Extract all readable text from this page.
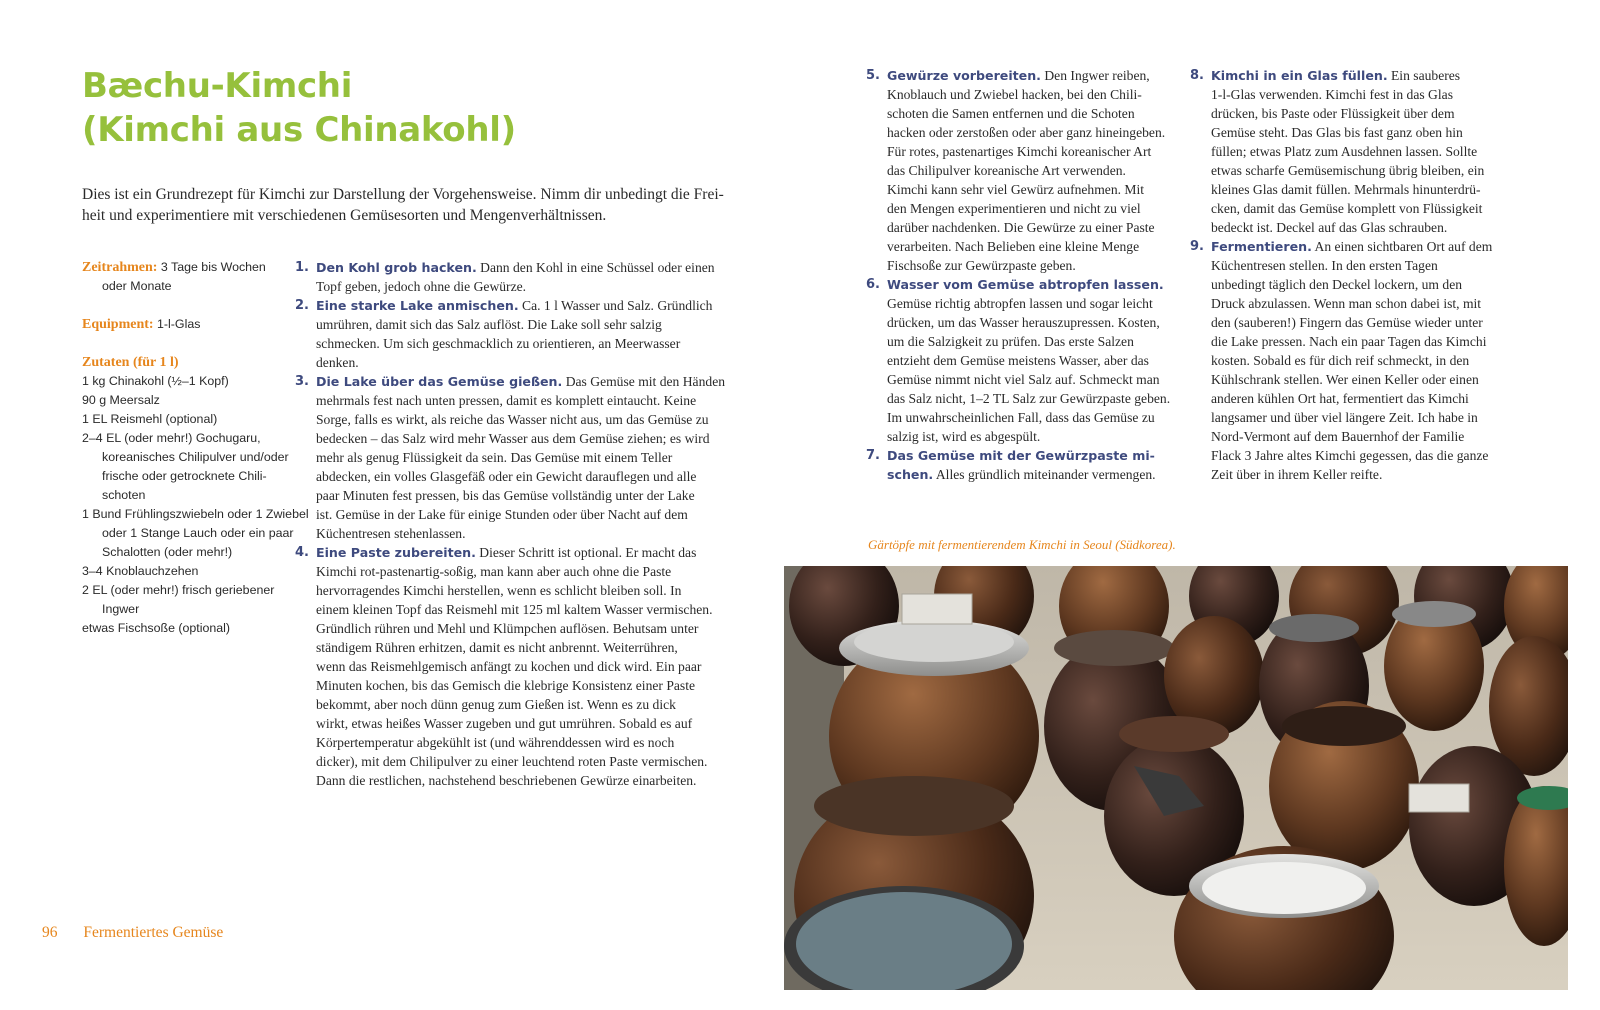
Bæchu-Kimchi
(Kimchi aus Chinakohl)
Dies ist ein Grundrezept für Kimchi zur Darstellung der Vorgehensweise. Nimm dir unbedingt die Frei-
heit und experimentiere mit verschiedenen Gemüsesorten und Mengenverhältnissen.
Zeitrahmen: 3 Tage bis Wochen
oder Monate
Equipment: 1-l-Glas
Zutaten (für 1 l)
1 kg Chinakohl (½–1 Kopf)
90 g Meersalz
1 EL Reismehl (optional)
2–4 EL (oder mehr!) Gochugaru,
koreanisches Chilipulver und/oder
frische oder getrocknete Chili-
schoten
1 Bund Frühlingszwiebeln oder 1 Zwiebel
oder 1 Stange Lauch oder ein paar
Schalotten (oder mehr!)
3–4 Knoblauchzehen
2 EL (oder mehr!) frisch geriebener
Ingwer
etwas Fischsoße (optional)
1. Den Kohl grob hacken. Dann den Kohl in eine Schüssel oder einen
Topf geben, jedoch ohne die Gewürze.
2. Eine starke Lake anmischen. Ca. 1 l Wasser und Salz. Gründlich
umrühren, damit sich das Salz auflöst. Die Lake soll sehr salzig
schmecken. Um sich geschmacklich zu orientieren, an Meerwasser
denken.
3. Die Lake über das Gemüse gießen. Das Gemüse mit den Händen
mehrmals fest nach unten pressen, damit es komplett eintaucht. Keine
Sorge, falls es wirkt, als reiche das Wasser nicht aus, um das Gemüse zu
bedecken – das Salz wird mehr Wasser aus dem Gemüse ziehen; es wird
mehr als genug Flüssigkeit da sein. Das Gemüse mit einem Teller
abdecken, ein volles Glasgefäß oder ein Gewicht darauflegen und alle
paar Minuten fest pressen, bis das Gemüse vollständig unter der Lake
ist. Gemüse in der Lake für einige Stunden oder über Nacht auf dem
Küchentresen stehenlassen.
4. Eine Paste zubereiten. Dieser Schritt ist optional. Er macht das
Kimchi rot-pastenartig-soßig, man kann aber auch ohne die Paste
hervorragendes Kimchi herstellen, wenn es schlicht bleiben soll. In
einem kleinen Topf das Reismehl mit 125 ml kaltem Wasser vermischen.
Gründlich rühren und Mehl und Klümpchen auflösen. Behutsam unter
ständigem Rühren erhitzen, damit es nicht anbrennt. Weiterrühren,
wenn das Reismehlgemisch anfängt zu kochen und dick wird. Ein paar
Minuten kochen, bis das Gemisch die klebrige Konsistenz einer Paste
bekommt, aber noch dünn genug zum Gießen ist. Wenn es zu dick
wirkt, etwas heißes Wasser zugeben und gut umrühren. Sobald es auf
Körpertemperatur abgekühlt ist (und währenddessen wird es noch
dicker), mit dem Chilipulver zu einer leuchtend roten Paste vermischen.
Dann die restlichen, nachstehend beschriebenen Gewürze einarbeiten.
5. Gewürze vorbereiten. Den Ingwer reiben,
Knoblauch und Zwiebel hacken, bei den Chili-
schoten die Samen entfernen und die Schoten
hacken oder zerstoßen oder aber ganz hineingeben.
Für rotes, pastenartiges Kimchi koreanischer Art
das Chilipulver koreanische Art verwenden.
Kimchi kann sehr viel Gewürz aufnehmen. Mit
den Mengen experimentieren und nicht zu viel
darüber nachdenken. Die Gewürze zu einer Paste
verarbeiten. Nach Belieben eine kleine Menge
Fischsoße zur Gewürzpaste geben.
6. Wasser vom Gemüse abtropfen lassen.
Gemüse richtig abtropfen lassen und sogar leicht
drücken, um das Wasser herauszupressen. Kosten,
um die Salzigkeit zu prüfen. Das erste Salzen
entzieht dem Gemüse meistens Wasser, aber das
Gemüse nimmt nicht viel Salz auf. Schmeckt man
das Salz nicht, 1–2 TL Salz zur Gewürzpaste geben.
Im unwahrscheinlichen Fall, dass das Gemüse zu
salzig ist, wird es abgespült.
7. Das Gemüse mit der Gewürzpaste mi-
schen. Alles gründlich miteinander vermengen.
8. Kimchi in ein Glas füllen. Ein sauberes
1-l-Glas verwenden. Kimchi fest in das Glas
drücken, bis Paste oder Flüssigkeit über dem
Gemüse steht. Das Glas bis fast ganz oben hin
füllen; etwas Platz zum Ausdehnen lassen. Sollte
etwas scharfe Gemüsemischung übrig bleiben, ein
kleines Glas damit füllen. Mehrmals hinunterdrü-
cken, damit das Gemüse komplett von Flüssigkeit
bedeckt ist. Deckel auf das Glas schrauben.
9. Fermentieren. An einen sichtbaren Ort auf dem
Küchentresen stellen. In den ersten Tagen
unbedingt täglich den Deckel lockern, um den
Druck abzulassen. Wenn man schon dabei ist, mit
den (sauberen!) Fingern das Gemüse wieder unter
die Lake pressen. Nach ein paar Tagen das Kimchi
kosten. Sobald es für dich reif schmeckt, in den
Kühlschrank stellen. Wer einen Keller oder einen
anderen kühlen Ort hat, fermentiert das Kimchi
langsamer und über viel längere Zeit. Ich habe in
Nord-Vermont auf dem Bauernhof der Familie
Flack 3 Jahre altes Kimchi gegessen, das die ganze
Zeit über in ihrem Keller reifte.
Gärtöpfe mit fermentierendem Kimchi in Seoul (Südkorea).
96 Fermentiertes Gemüse
